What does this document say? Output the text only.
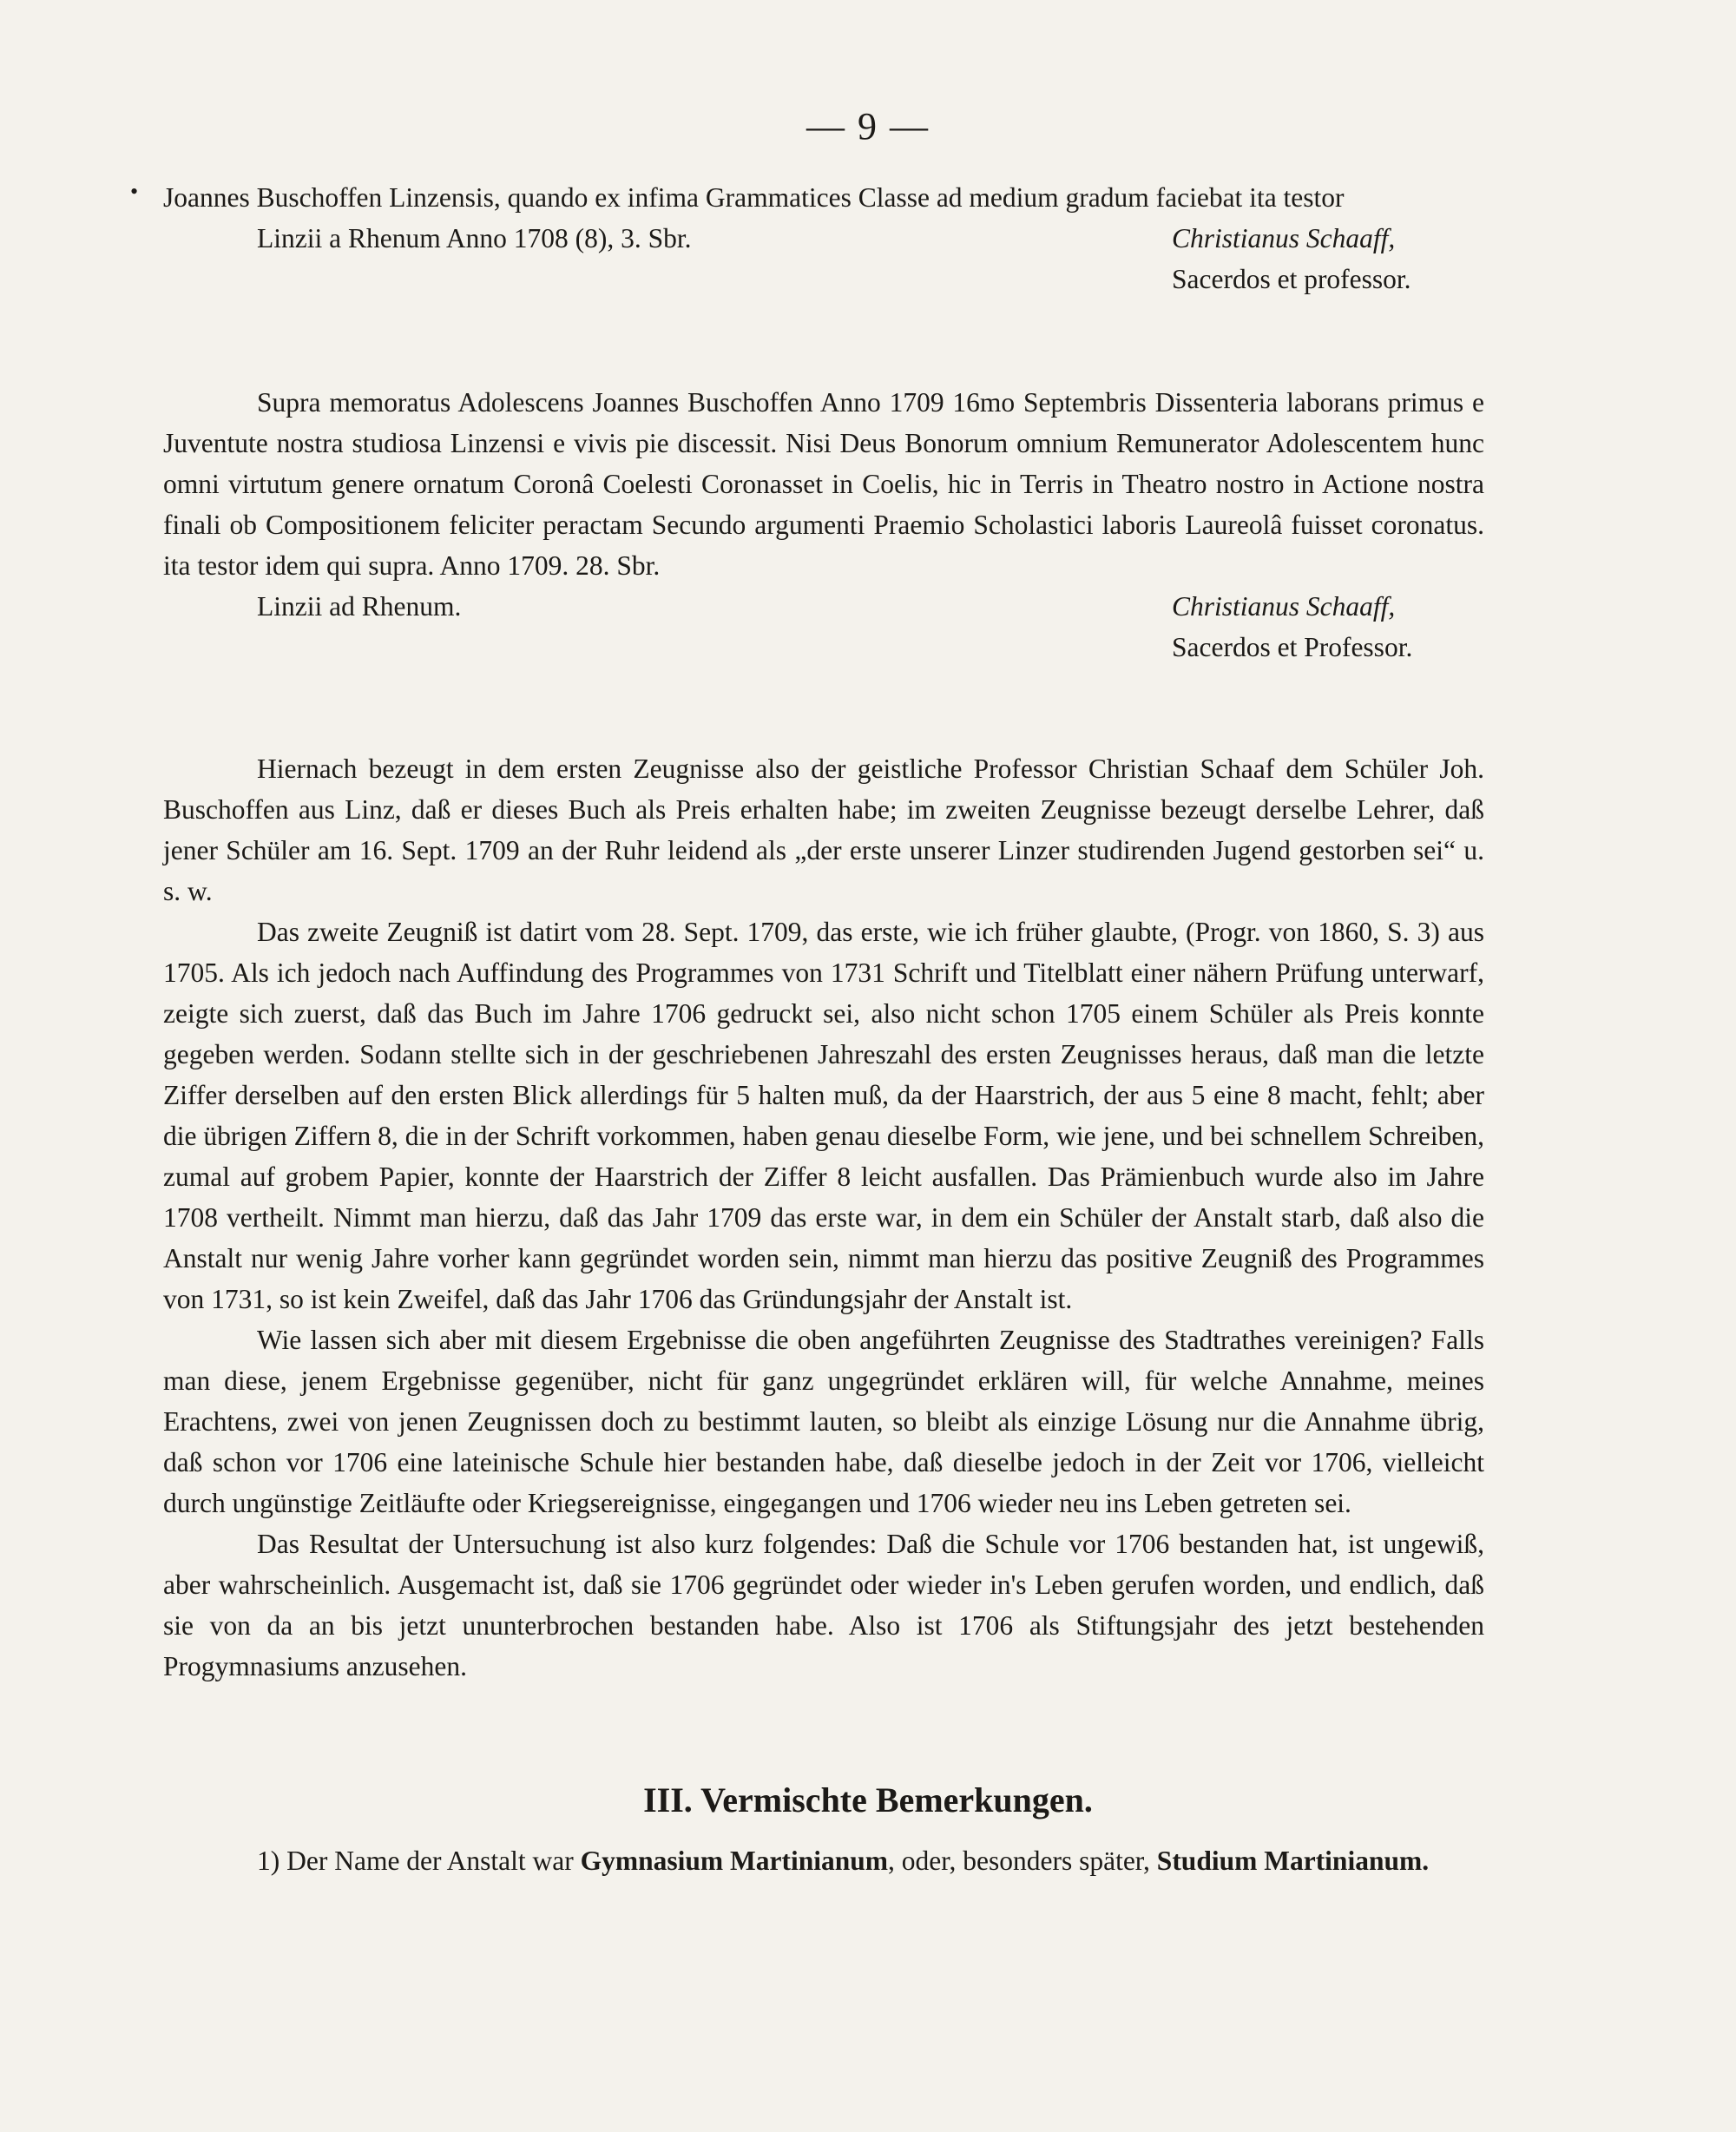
— 9 —
• Joannes Buschoffen Linzensis, quando ex infima Grammatices Classe ad medium gradum faciebat ita testor

Linzii a Rhenum Anno 1708 (8), 3. Sbr.	Christianus Schaaff,
Sacerdos et professor.

Supra memoratus Adolescens Joannes Buschoffen Anno 1709 16mo Septembris Dissenteria laborans primus e Juventute nostra studiosa Linzensi e vivis pie discessit. Nisi Deus Bonorum omnium Remunerator Adolescentem hunc omni virtutum genere ornatum Coronâ Coelesti Coronasset in Coelis, hic in Terris in Theatro nostro in Actione nostra finali ob Compositionem feliciter peractam Secundo argumenti Praemio Scholastici laboris Laureolâ fuisset coronatus. ita testor idem qui supra. Anno 1709. 28. Sbr.

Linzii ad Rhenum.	Christianus Schaaff,
Sacerdos et Professor.

Hiernach bezeugt in dem ersten Zeugnisse also der geistliche Professor Christian Schaaf dem Schüler Joh. Buschoffen aus Linz, daß er dieses Buch als Preis erhalten habe; im zweiten Zeugnisse bezeugt derselbe Lehrer, daß jener Schüler am 16. Sept. 1709 an der Ruhr leidend als „der erste unserer Linzer studirenden Jugend gestorben sei“ u. s. w.

Das zweite Zeugniß ist datirt vom 28. Sept. 1709, das erste, wie ich früher glaubte, (Progr. von 1860, S. 3) aus 1705. Als ich jedoch nach Auffindung des Programmes von 1731 Schrift und Titelblatt einer nähern Prüfung unterwarf, zeigte sich zuerst, daß das Buch im Jahre 1706 gedruckt sei, also nicht schon 1705 einem Schüler als Preis konnte gegeben werden. Sodann stellte sich in der geschriebenen Jahreszahl des ersten Zeugnisses heraus, daß man die letzte Ziffer derselben auf den ersten Blick allerdings für 5 halten muß, da der Haarstrich, der aus 5 eine 8 macht, fehlt; aber die übrigen Ziffern 8, die in der Schrift vorkommen, haben genau dieselbe Form, wie jene, und bei schnellem Schreiben, zumal auf grobem Papier, konnte der Haarstrich der Ziffer 8 leicht ausfallen. Das Prämienbuch wurde also im Jahre 1708 vertheilt. Nimmt man hierzu, daß das Jahr 1709 das erste war, in dem ein Schüler der Anstalt starb, daß also die Anstalt nur wenig Jahre vorher kann gegründet worden sein, nimmt man hierzu das positive Zeugniß des Programmes von 1731, so ist kein Zweifel, daß das Jahr 1706 das Gründungsjahr der Anstalt ist.

Wie lassen sich aber mit diesem Ergebnisse die oben angeführten Zeugnisse des Stadtrathes vereinigen? Falls man diese, jenem Ergebnisse gegenüber, nicht für ganz ungegründet erklären will, für welche Annahme, meines Erachtens, zwei von jenen Zeugnissen doch zu bestimmt lauten, so bleibt als einzige Lösung nur die Annahme übrig, daß schon vor 1706 eine lateinische Schule hier bestanden habe, daß dieselbe jedoch in der Zeit vor 1706, vielleicht durch ungünstige Zeitläufte oder Kriegsereignisse, eingegangen und 1706 wieder neu ins Leben getreten sei.

Das Resultat der Untersuchung ist also kurz folgendes: Daß die Schule vor 1706 bestanden hat, ist ungewiß, aber wahrscheinlich. Ausgemacht ist, daß sie 1706 gegründet oder wieder in's Leben gerufen worden, und endlich, daß sie von da an bis jetzt ununterbrochen bestanden habe. Also ist 1706 als Stiftungsjahr des jetzt bestehenden Progymnasiums anzusehen.

III. Vermischte Bemerkungen.

1) Der Name der Anstalt war Gymnasium Martinianum, oder, besonders später, Studium Martinianum.
